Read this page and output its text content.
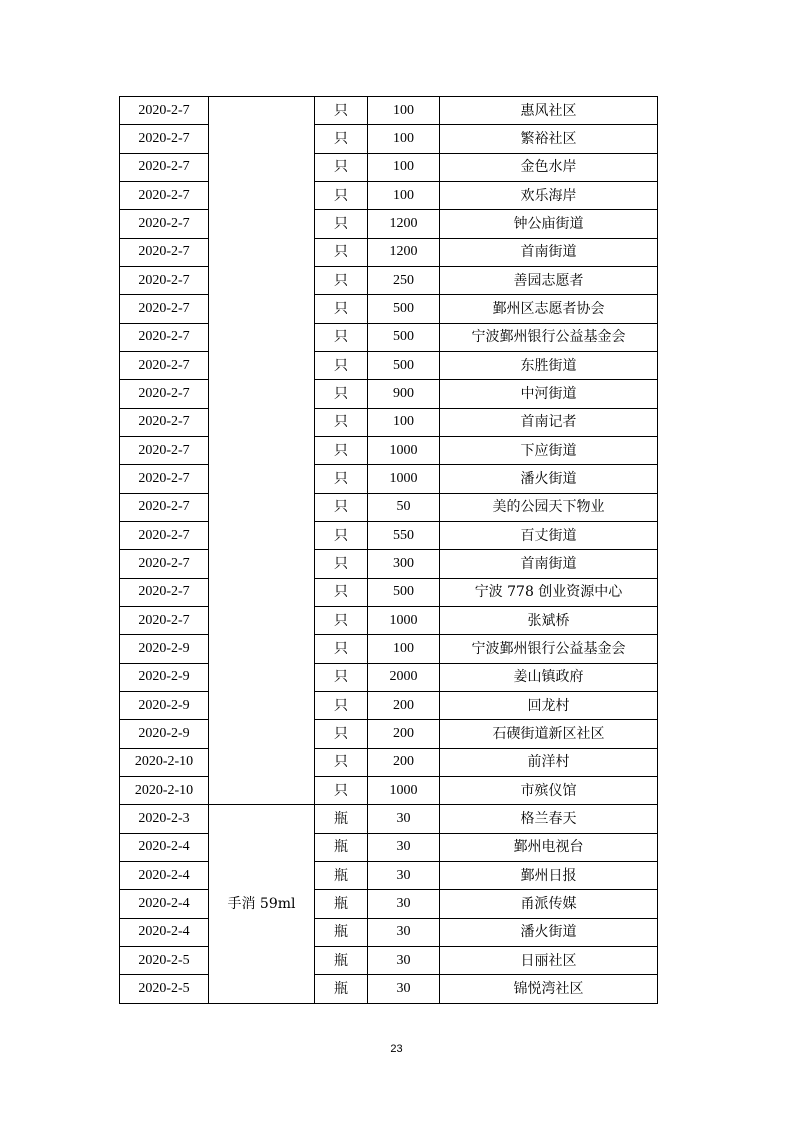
2020-2-7		只	100	惠风社区
2020-2-7		只	100	繁裕社区
2020-2-7		只	100	金色水岸
2020-2-7		只	100	欢乐海岸
2020-2-7		只	1200	钟公庙街道
2020-2-7		只	1200	首南街道
2020-2-7		只	250	善园志愿者
2020-2-7		只	500	鄞州区志愿者协会
2020-2-7		只	500	宁波鄞州银行公益基金会
2020-2-7		只	500	东胜街道
2020-2-7		只	900	中河街道
2020-2-7		只	100	首南记者
2020-2-7		只	1000	下应街道
2020-2-7		只	1000	潘火街道
2020-2-7		只	50	美的公园天下物业
2020-2-7		只	550	百丈街道
2020-2-7		只	300	首南街道
2020-2-7		只	500	宁波 778 创业资源中心
2020-2-7		只	1000	张斌桥
2020-2-9		只	100	宁波鄞州银行公益基金会
2020-2-9		只	2000	姜山镇政府
2020-2-9		只	200	回龙村
2020-2-9		只	200	石碶街道新区社区
2020-2-10		只	200	前洋村
2020-2-10		只	1000	市殡仪馆
2020-2-3	手消 59ml	瓶	30	格兰春天
2020-2-4		瓶	30	鄞州电视台
2020-2-4		瓶	30	鄞州日报
2020-2-4		瓶	30	甬派传媒
2020-2-4		瓶	30	潘火街道
2020-2-5		瓶	30	日丽社区
2020-2-5		瓶	30	锦悦湾社区
23
